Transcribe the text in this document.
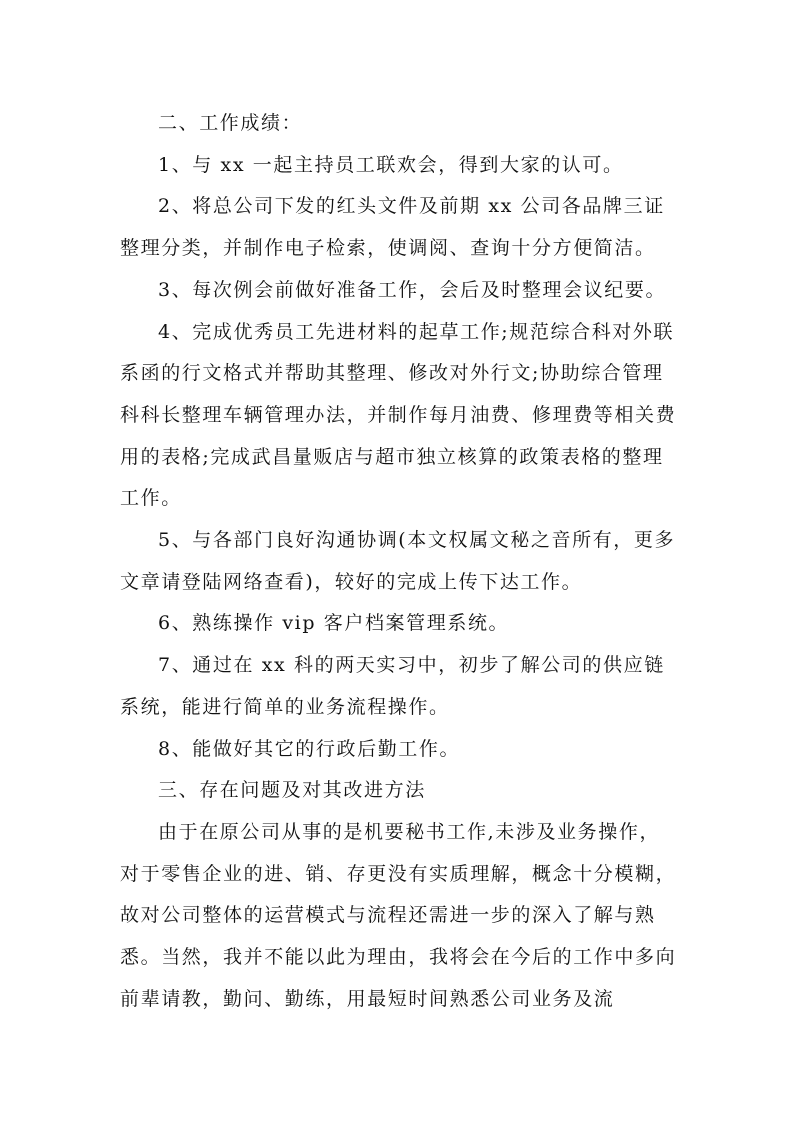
二、工作成绩：

1、与 xx 一起主持员工联欢会，得到大家的认可。

2、将总公司下发的红头文件及前期 xx 公司各品牌三证整理分类，并制作电子检索，使调阅、查询十分方便简洁。

3、每次例会前做好准备工作，会后及时整理会议纪要。

4、完成优秀员工先进材料的起草工作;规范综合科对外联系函的行文格式并帮助其整理、修改对外行文;协助综合管理科科长整理车辆管理办法，并制作每月油费、修理费等相关费用的表格;完成武昌量贩店与超市独立核算的政策表格的整理工作。

5、与各部门良好沟通协调(本文权属文秘之音所有，更多文章请登陆网络查看)，较好的完成上传下达工作。

6、熟练操作 vip 客户档案管理系统。

7、通过在 xx 科的两天实习中，初步了解公司的供应链系统，能进行简单的业务流程操作。

8、能做好其它的行政后勤工作。

三、存在问题及对其改进方法

由于在原公司从事的是机要秘书工作,未涉及业务操作，对于零售企业的进、销、存更没有实质理解，概念十分模糊，故对公司整体的运营模式与流程还需进一步的深入了解与熟悉。当然，我并不能以此为理由，我将会在今后的工作中多向前辈请教，勤问、勤练，用最短时间熟悉公司业务及流
